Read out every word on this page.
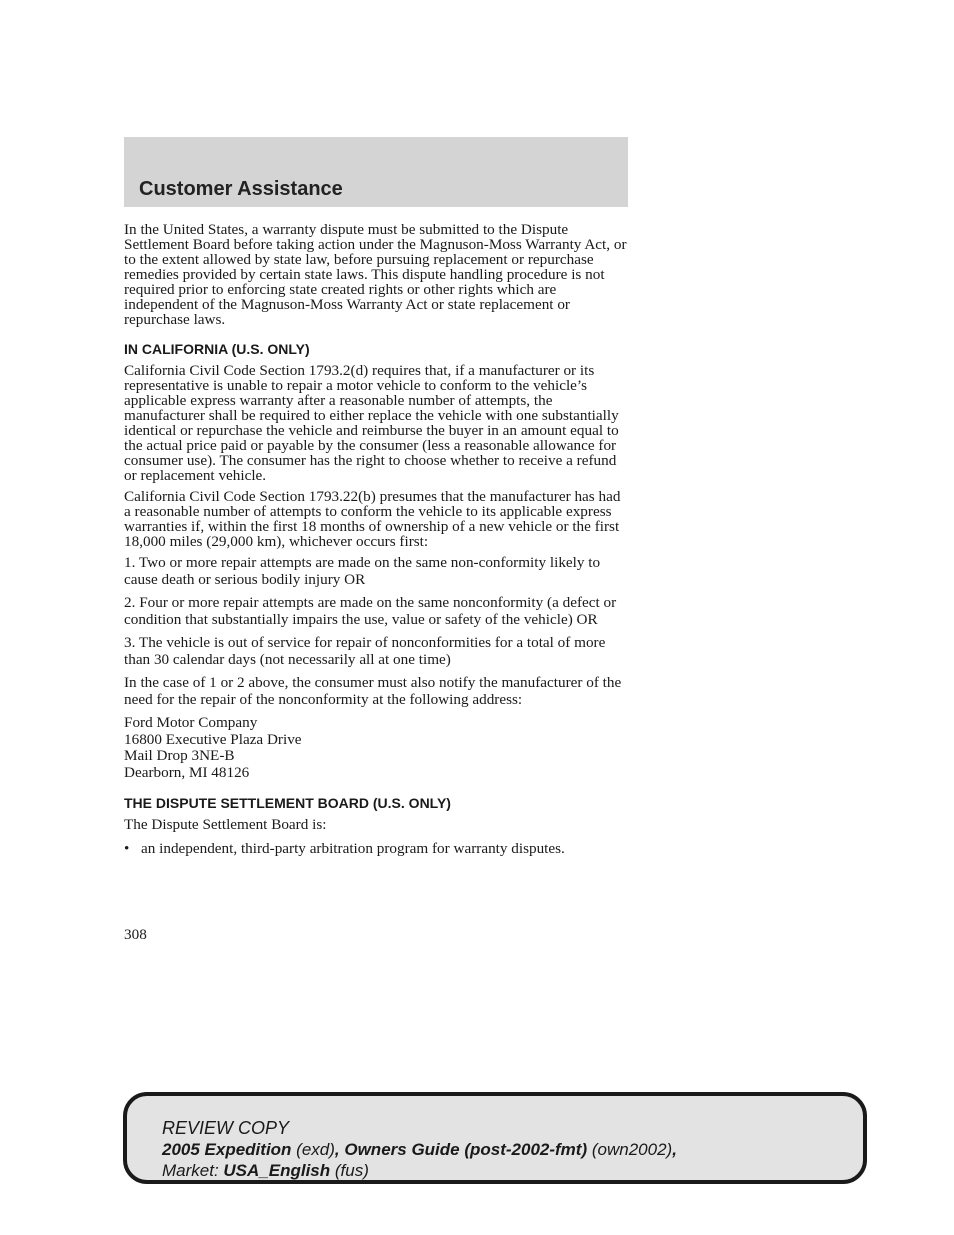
Customer Assistance

In the United States, a warranty dispute must be submitted to the Dispute Settlement Board before taking action under the Magnuson-Moss Warranty Act, or to the extent allowed by state law, before pursuing replacement or repurchase remedies provided by certain state laws. This dispute handling procedure is not required prior to enforcing state created rights or other rights which are independent of the Magnuson-Moss Warranty Act or state replacement or repurchase laws.

IN CALIFORNIA (U.S. ONLY)

California Civil Code Section 1793.2(d) requires that, if a manufacturer or its representative is unable to repair a motor vehicle to conform to the vehicle’s applicable express warranty after a reasonable number of attempts, the manufacturer shall be required to either replace the vehicle with one substantially identical or repurchase the vehicle and reimburse the buyer in an amount equal to the actual price paid or payable by the consumer (less a reasonable allowance for consumer use). The consumer has the right to choose whether to receive a refund or replacement vehicle.

California Civil Code Section 1793.22(b) presumes that the manufacturer has had a reasonable number of attempts to conform the vehicle to its applicable express warranties if, within the first 18 months of ownership of a new vehicle or the first 18,000 miles (29,000 km), whichever occurs first:

1. Two or more repair attempts are made on the same non-conformity likely to cause death or serious bodily injury OR

2. Four or more repair attempts are made on the same nonconformity (a defect or condition that substantially impairs the use, value or safety of the vehicle) OR

3. The vehicle is out of service for repair of nonconformities for a total of more than 30 calendar days (not necessarily all at one time)

In the case of 1 or 2 above, the consumer must also notify the manufacturer of the need for the repair of the nonconformity at the following address:

Ford Motor Company
16800 Executive Plaza Drive
Mail Drop 3NE-B
Dearborn, MI 48126
THE DISPUTE SETTLEMENT BOARD (U.S. ONLY)

The Dispute Settlement Board is:

• an independent, third-party arbitration program for warranty disputes.
308
REVIEW COPY
2005 Expedition (exd), Owners Guide (post-2002-fmt) (own2002),
Market: USA_English (fus)
